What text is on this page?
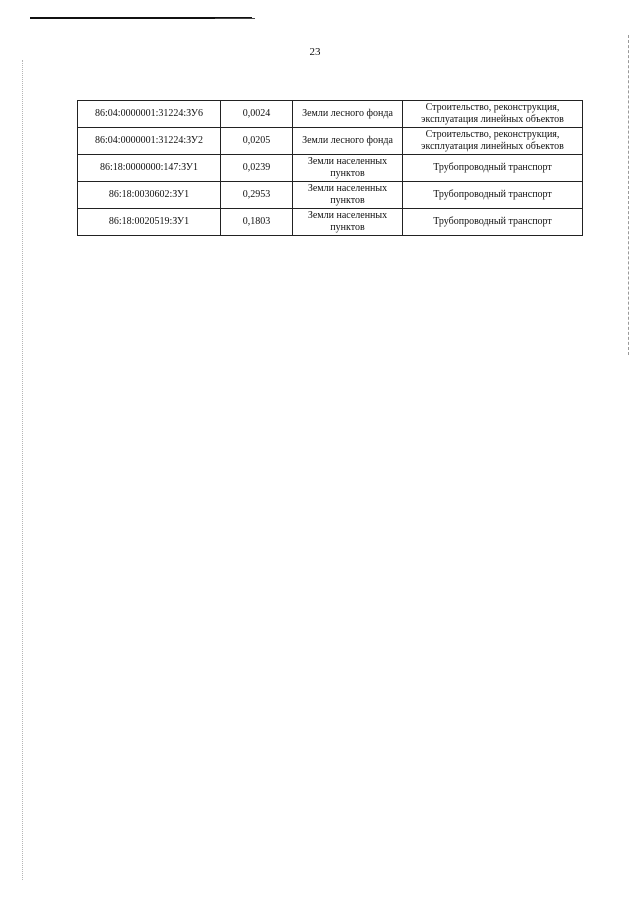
23
86:04:0000001:31224:ЗУ6	0,0024	Земли лесного фонда	Строительство, реконструкция, эксплуатация линейных объектов
86:04:0000001:31224:ЗУ2	0,0205	Земли лесного фонда	Строительство, реконструкция, эксплуатация линейных объектов
86:18:0000000:147:ЗУ1	0,0239	Земли населенных пунктов	Трубопроводный транспорт
86:18:0030602:ЗУ1	0,2953	Земли населенных пунктов	Трубопроводный транспорт
86:18:0020519:ЗУ1	0,1803	Земли населенных пунктов	Трубопроводный транспорт
